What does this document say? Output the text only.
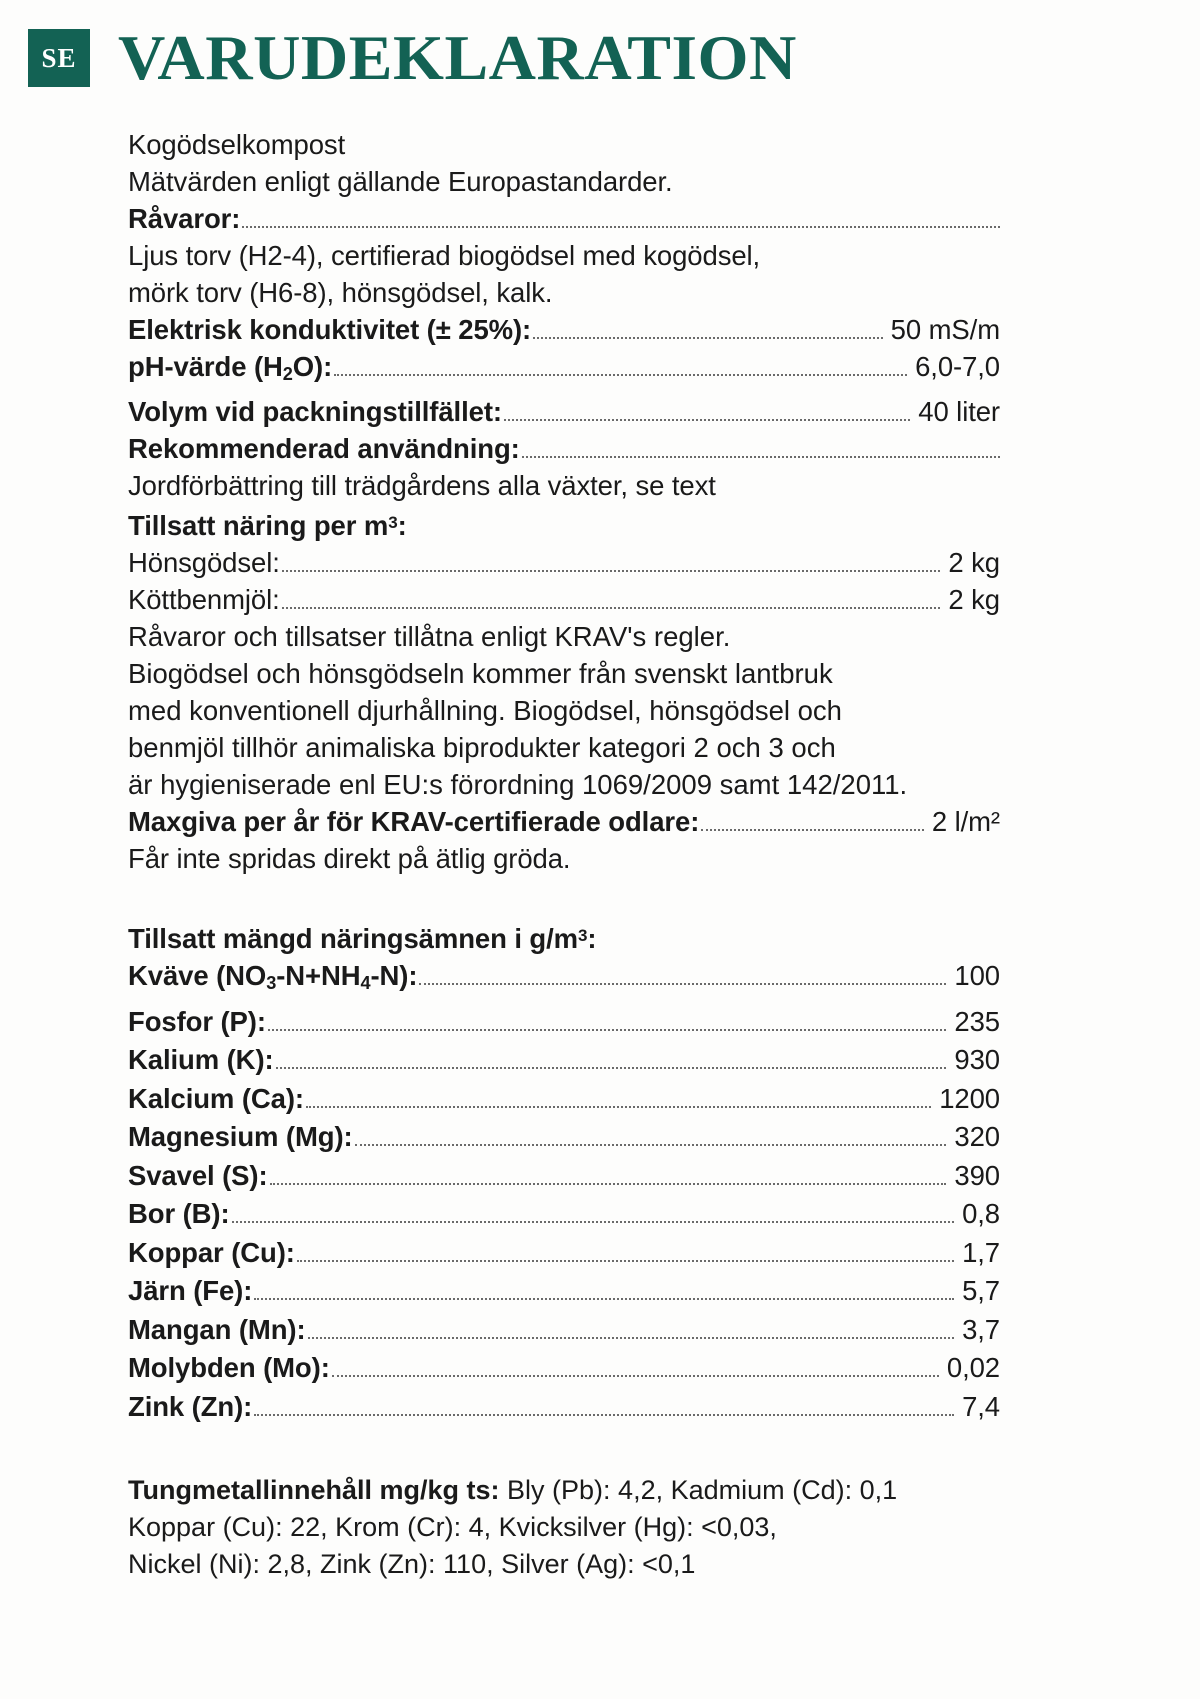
SE VARUDEKLARATION
Kogödselkompost
Mätvärden enligt gällande Europastandarder.
Råvaror:
Ljus torv (H2-4), certifierad biogödsel med kogödsel,
mörk torv (H6-8), hönsgödsel, kalk.
Elektrisk konduktivitet (± 25%):	50 mS/m
pH-värde $(H_2O)$:	6,0-7,0
Volym vid packningstillfället:	40 liter
Rekommenderad användning:
Jordförbättring till trädgårdens alla växter, se text
Tillsatt näring per $m^3$:
Hönsgödsel:	2 kg
Köttbenmjöl:	2 kg
Råvaror och tillsatser tillåtna enligt KRAV's regler.
Biogödsel och hönsgödseln kommer från svenskt lantbruk
med konventionell djurhållning. Biogödsel, hönsgödsel och
benmjöl tillhör animaliska biprodukter kategori 2 och 3 och
är hygieniserade enl EU:s förordning 1069/2009 samt 142/2011.
Maxgiva per år för KRAV-certifierade odlare:	2 l/m²
Får inte spridas direkt på ätlig gröda.
Tillsatt mängd näringsämnen i $g/m^3$:
Kväve $(NO_3-N+NH_4-N)$:	100
Fosfor (P):	235
Kalium (K):	930
Kalcium (Ca):	1200
Magnesium (Mg):	320
Svavel (S):	390
Bor (B):	0,8
Koppar (Cu):	1,7
Järn (Fe):	5,7
Mangan (Mn):	3,7
Molybden (Mo):	0,02
Zink (Zn):	7,4
Tungmetallinnehåll mg/kg ts: Bly (Pb): 4,2, Kadmium (Cd): 0,1
Koppar (Cu): 22, Krom (Cr): 4, Kvicksilver (Hg): <0,03,
Nickel (Ni): 2,8, Zink (Zn): 110, Silver (Ag): <0,1
